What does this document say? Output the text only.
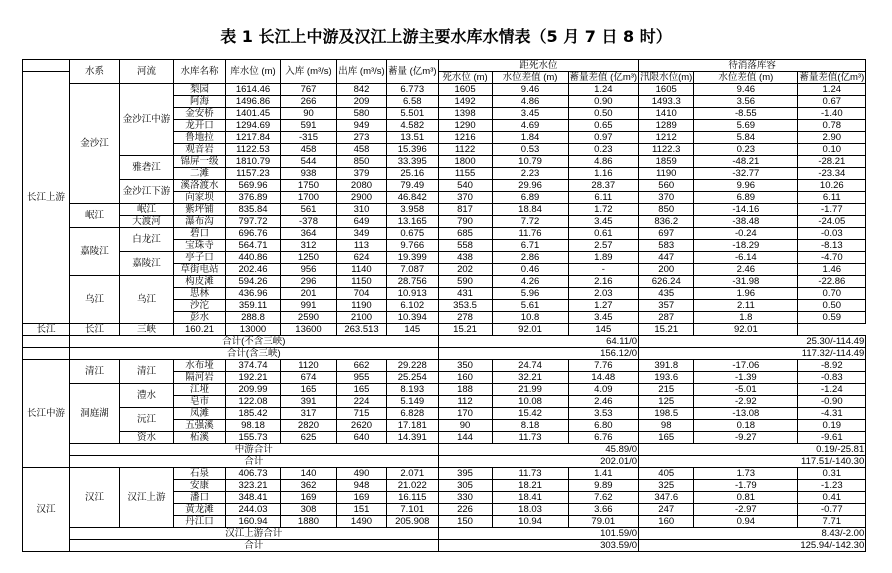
表 1 长江上中游及汉江上游主要水库水情表（5 月 7 日 8 时）
	水系	河流	水库名称	库水位 (m)	入库 (m³/s)	出库 (m³/s)	蓄量 (亿m³)	距死水位			待消落库容		
长江上游								死水位 (m)	水位差值 (m)	蓄量差值 (亿m³)	汛限水位(m)	水位差值 (m)	蓄量差值(亿m³)
	金沙江	金沙江中游	梨园	1614.46	767	842	6.773	1605	9.46	1.24	1605	9.46	1.24
			阿海	1496.86	266	209	6.58	1492	4.86	0.90	1493.3	3.56	0.67
			金安桥	1401.45	90	580	5.501	1398	3.45	0.50	1410	-8.55	-1.40
			龙开口	1294.69	591	949	4.582	1290	4.69	0.65	1289	5.69	0.78
			鲁地拉	1217.84	-315	273	13.51	1216	1.84	0.97	1212	5.84	2.90
			观音岩	1122.53	458	458	15.396	1122	0.53	0.23	1122.3	0.23	0.10
		雅砻江	锦屏一级	1810.79	544	850	33.395	1800	10.79	4.86	1859	-48.21	-28.21
			二滩	1157.23	938	379	25.16	1155	2.23	1.16	1190	-32.77	-23.34
		金沙江下游	溪洛渡水	569.96	1750	2080	79.49	540	29.96	28.37	560	9.96	10.26
			向家坝	376.89	1700	2900	46.842	370	6.89	6.11	370	6.89	6.11
	岷江	岷江	紫坪铺	835.84	561	310	3.958	817	18.84	1.72	850	-14.16	-1.77
		大渡河	瀑布沟	797.72	-378	649	13.165	790	7.72	3.45	836.2	-38.48	-24.05
	嘉陵江	白龙江	碧口	696.76	364	349	0.675	685	11.76	0.61	697	-0.24	-0.03
			宝珠寺	564.71	312	113	9.766	558	6.71	2.57	583	-18.29	-8.13
		嘉陵江	亭子口	440.86	1250	624	19.399	438	2.86	1.89	447	-6.14	-4.70
			草街电站	202.46	956	1140	7.087	202	0.46	-	200	2.46	1.46
	乌江	乌江	构皮滩	594.26	296	1150	28.756	590	4.26	2.16	626.24	-31.98	-22.86
			思林	436.96	201	704	10.913	431	5.96	2.03	435	1.96	0.70
			沙沱	359.11	991	1190	6.102	353.5	5.61	1.27	357	2.11	0.50
			彭水	288.8	2590	2100	10.394	278	10.8	3.45	287	1.8	0.59
长江	长江	三峡	160.21	13000	13600	263.513	145	15.21	92.01	145	15.21	92.01	
	合计(不含三峡)							64.11/0			25.30/-114.49		
	合计(含三峡)							156.12/0			117.32/-114.49		
长江中游	清江	清江	水布垭	374.74	1120	662	29.228	350	24.74	7.76	391.8	-17.06	-8.92
			隔河岩	192.21	674	955	25.254	160	32.21	14.48	193.6	-1.39	-0.83
	洞庭湖	澧水	江垭	209.99	165	165	8.193	188	21.99	4.09	215	-5.01	-1.24
			皂市	122.08	391	224	5.149	112	10.08	2.46	125	-2.92	-0.90
		沅江	凤滩	185.42	317	715	6.828	170	15.42	3.53	198.5	-13.08	-4.31
			五强溪	98.18	2820	2620	17.181	90	8.18	6.80	98	0.18	0.19
		资水	柘溪	155.73	625	640	14.391	144	11.73	6.76	165	-9.27	-9.61
	中游合计							45.89/0			0.19/-25.81		
	合计							202.01/0			117.51/-140.30		
汉江	汉江	汉江上游	石泉	406.73	140	490	2.071	395	11.73	1.41	405	1.73	0.31
			安康	323.21	362	948	21.022	305	18.21	9.89	325	-1.79	-1.23
			潘口	348.41	169	169	16.115	330	18.41	7.62	347.6	0.81	0.41
			黄龙滩	244.03	308	151	7.101	226	18.03	3.66	247	-2.97	-0.77
			丹江口	160.94	1880	1490	205.908	150	10.94	79.01	160	0.94	7.71
	汉江上游合计							101.59/0			8.43/-2.00		
	合计							303.59/0			125.94/-142.30		
